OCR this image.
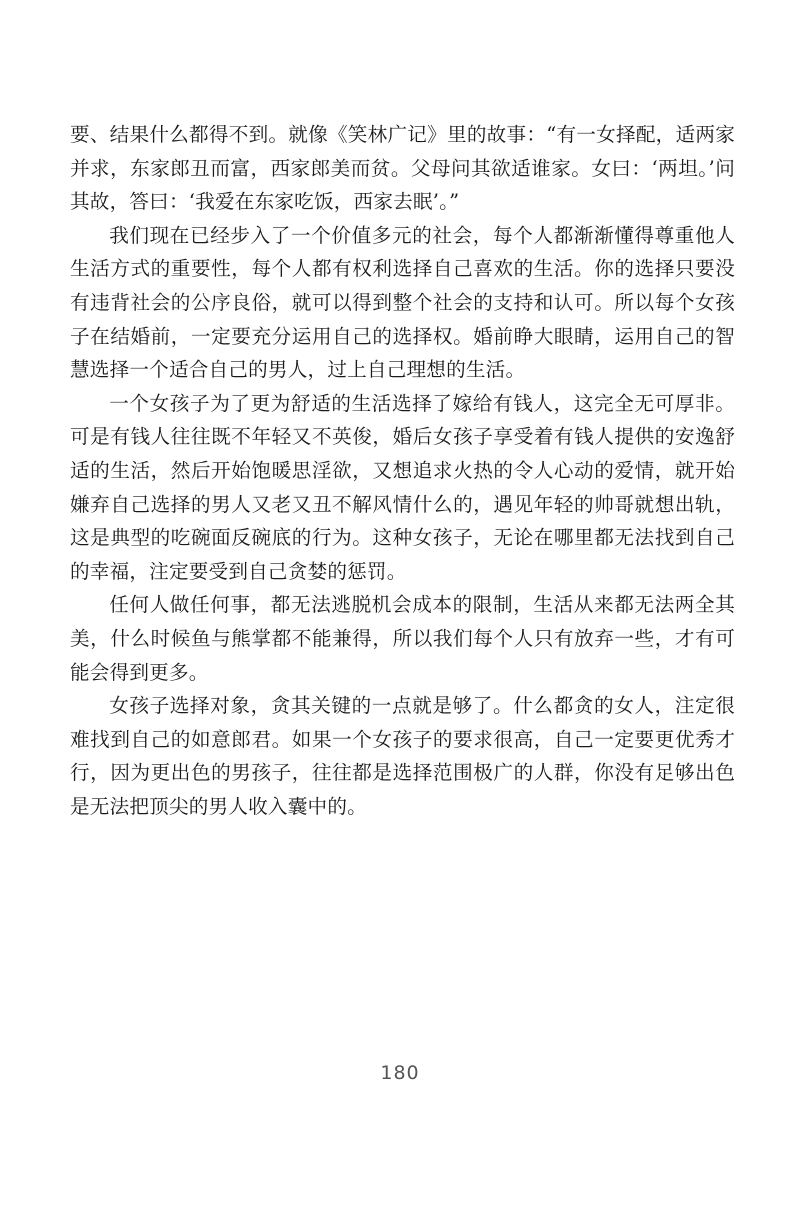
要、结果什么都得不到。就像《笑林广记》里的故事：“有一女择配，适两家并求，东家郎丑而富，西家郎美而贫。父母问其欲适谁家。女曰：‘两坦。’问其故，答曰：‘我爱在东家吃饭，西家去眠’。”

我们现在已经步入了一个价值多元的社会，每个人都渐渐懂得尊重他人生活方式的重要性，每个人都有权利选择自己喜欢的生活。你的选择只要没有违背社会的公序良俗，就可以得到整个社会的支持和认可。所以每个女孩子在结婚前，一定要充分运用自己的选择权。婚前睁大眼睛，运用自己的智慧选择一个适合自己的男人，过上自己理想的生活。

一个女孩子为了更为舒适的生活选择了嫁给有钱人，这完全无可厚非。可是有钱人往往既不年轻又不英俊，婚后女孩子享受着有钱人提供的安逸舒适的生活，然后开始饱暖思淫欲，又想追求火热的令人心动的爱情，就开始嫌弃自己选择的男人又老又丑不解风情什么的，遇见年轻的帅哥就想出轨，这是典型的吃碗面反碗底的行为。这种女孩子，无论在哪里都无法找到自己的幸福，注定要受到自己贪婪的惩罚。

任何人做任何事，都无法逃脱机会成本的限制，生活从来都无法两全其美，什么时候鱼与熊掌都不能兼得，所以我们每个人只有放弃一些，才有可能会得到更多。

女孩子选择对象，贪其关键的一点就是够了。什么都贪的女人，注定很难找到自己的如意郎君。如果一个女孩子的要求很高，自己一定要更优秀才行，因为更出色的男孩子，往往都是选择范围极广的人群，你没有足够出色是无法把顶尖的男人收入囊中的。

180
